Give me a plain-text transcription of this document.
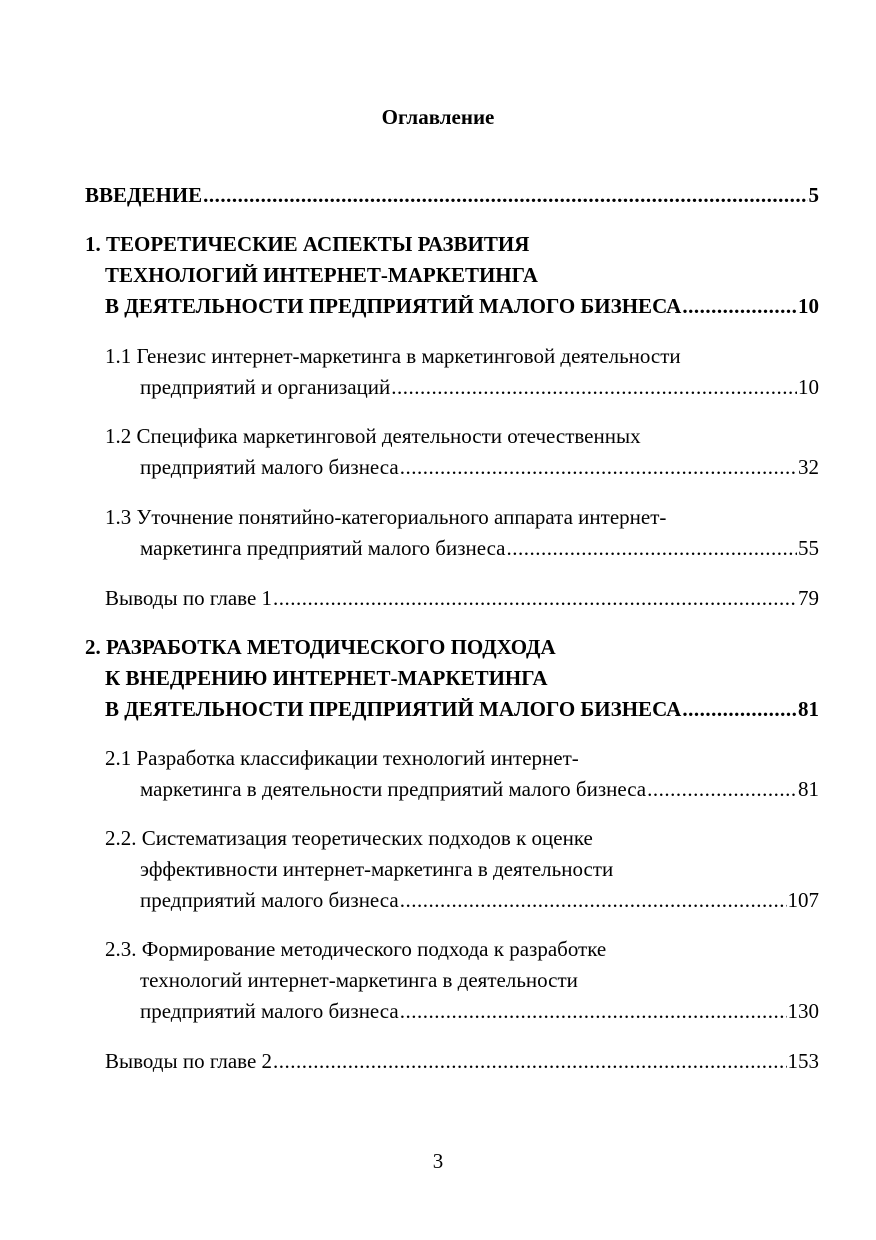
Оглавление
ВВЕДЕНИЕ .....	5
1. ТЕОРЕТИЧЕСКИЕ АСПЕКТЫ РАЗВИТИЯ
ТЕХНОЛОГИЙ ИНТЕРНЕТ-МАРКЕТИНГА
В ДЕЯТЕЛЬНОСТИ ПРЕДПРИЯТИЙ МАЛОГО БИЗНЕСА .....	10
1.1 Генезис интернет-маркетинга в маркетинговой деятельности
предприятий и организаций .....	10
1.2 Специфика маркетинговой деятельности отечественных
предприятий малого бизнеса .....	32
1.3 Уточнение понятийно-категориального аппарата интернет-
маркетинга предприятий малого бизнеса .....	55
Выводы по главе 1 .....	79
2. РАЗРАБОТКА МЕТОДИЧЕСКОГО ПОДХОДА
К ВНЕДРЕНИЮ ИНТЕРНЕТ-МАРКЕТИНГА
В ДЕЯТЕЛЬНОСТИ ПРЕДПРИЯТИЙ МАЛОГО БИЗНЕСА .....	81
2.1 Разработка классификации технологий интернет-
маркетинга в деятельности предприятий малого бизнеса .....	81
2.2. Систематизация теоретических подходов к оценке
эффективности интернет-маркетинга в деятельности
предприятий малого бизнеса .....	107
2.3. Формирование методического подхода к разработке
технологий интернет-маркетинга в деятельности
предприятий малого бизнеса .....	130
Выводы по главе 2 .....	153
3
